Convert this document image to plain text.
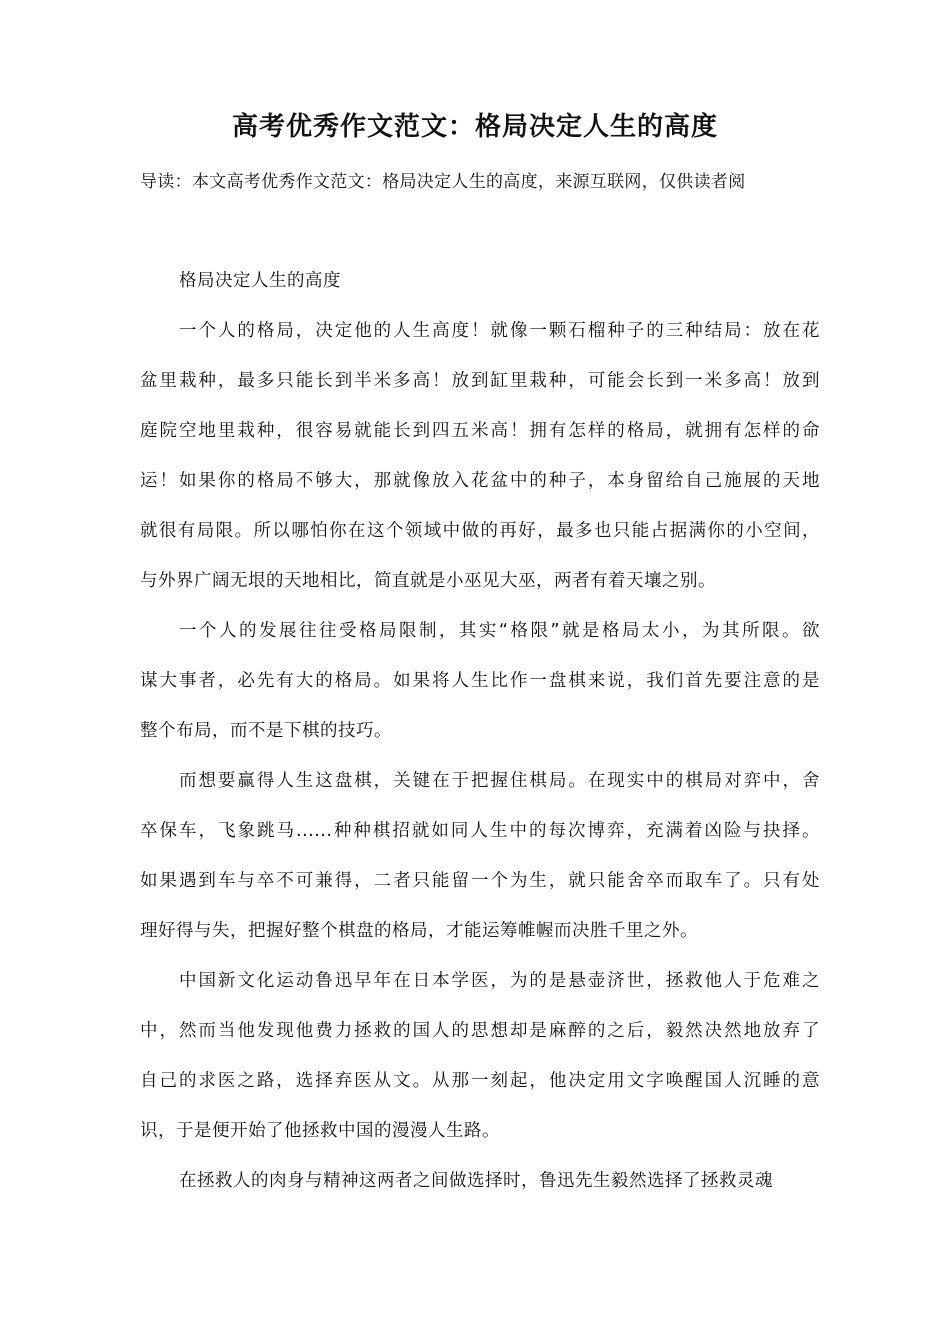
高考优秀作文范文：格局决定人生的高度
导读：本文高考优秀作文范文：格局决定人生的高度，来源互联网，仅供读者阅

格局决定人生的高度

一个人的格局，决定他的人生高度！就像一颗石榴种子的三种结局：放在花
盆里栽种，最多只能长到半米多高！放到缸里栽种，可能会长到一米多高！放到
庭院空地里栽种，很容易就能长到四五米高！拥有怎样的格局，就拥有怎样的命
运！如果你的格局不够大，那就像放入花盆中的种子，本身留给自己施展的天地
就很有局限。所以哪怕你在这个领域中做的再好，最多也只能占据满你的小空间，
与外界广阔无垠的天地相比，简直就是小巫见大巫，两者有着天壤之别。

一个人的发展往往受格局限制，其实“格限”就是格局太小，为其所限。欲
谋大事者，必先有大的格局。如果将人生比作一盘棋来说，我们首先要注意的是
整个布局，而不是下棋的技巧。

而想要赢得人生这盘棋，关键在于把握住棋局。在现实中的棋局对弈中，舍
卒保车，飞象跳马......种种棋招就如同人生中的每次博弈，充满着凶险与抉择。
如果遇到车与卒不可兼得，二者只能留一个为生，就只能舍卒而取车了。只有处
理好得与失，把握好整个棋盘的格局，才能运筹帷幄而决胜千里之外。

中国新文化运动鲁迅早年在日本学医，为的是悬壶济世，拯救他人于危难之
中，然而当他发现他费力拯救的国人的思想却是麻醉的之后，毅然决然地放弃了
自己的求医之路，选择弃医从文。从那一刻起，他决定用文字唤醒国人沉睡的意
识，于是便开始了他拯救中国的漫漫人生路。

在拯救人的肉身与精神这两者之间做选择时，鲁迅先生毅然选择了拯救灵魂
